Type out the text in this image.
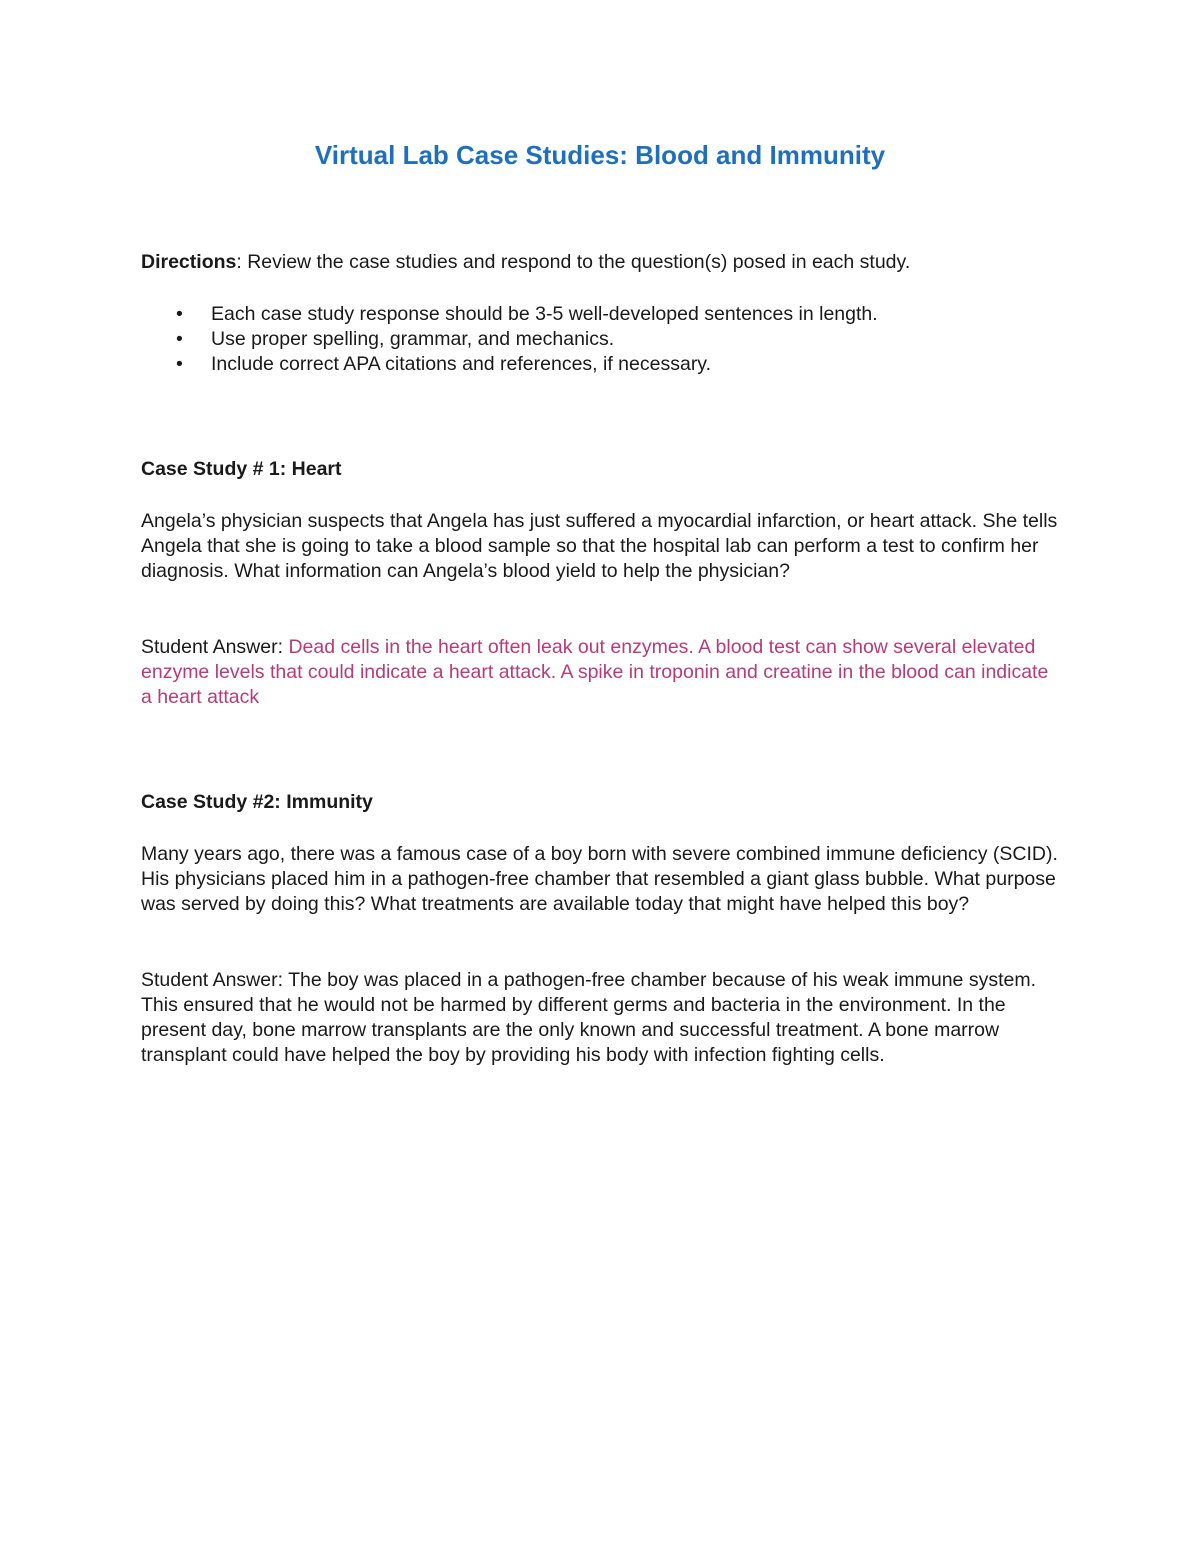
Virtual Lab Case Studies: Blood and Immunity

Directions: Review the case studies and respond to the question(s) posed in each study.

•	Each case study response should be 3-5 well-developed sentences in length.
•	Use proper spelling, grammar, and mechanics.
•	Include correct APA citations and references, if necessary.

Case Study # 1: Heart

Angela’s physician suspects that Angela has just suffered a myocardial infarction, or heart attack. She tells Angela that she is going to take a blood sample so that the hospital lab can perform a test to confirm her diagnosis. What information can Angela’s blood yield to help the physician?

Student Answer: Dead cells in the heart often leak out enzymes. A blood test can show several elevated enzyme levels that could indicate a heart attack. A spike in troponin and creatine in the blood can indicate a heart attack

Case Study #2: Immunity

Many years ago, there was a famous case of a boy born with severe combined immune deficiency (SCID). His physicians placed him in a pathogen-free chamber that resembled a giant glass bubble. What purpose was served by doing this? What treatments are available today that might have helped this boy?

Student Answer: The boy was placed in a pathogen-free chamber because of his weak immune system. This ensured that he would not be harmed by different germs and bacteria in the environment. In the present day, bone marrow transplants are the only known and successful treatment. A bone marrow transplant could have helped the boy by providing his body with infection fighting cells.
